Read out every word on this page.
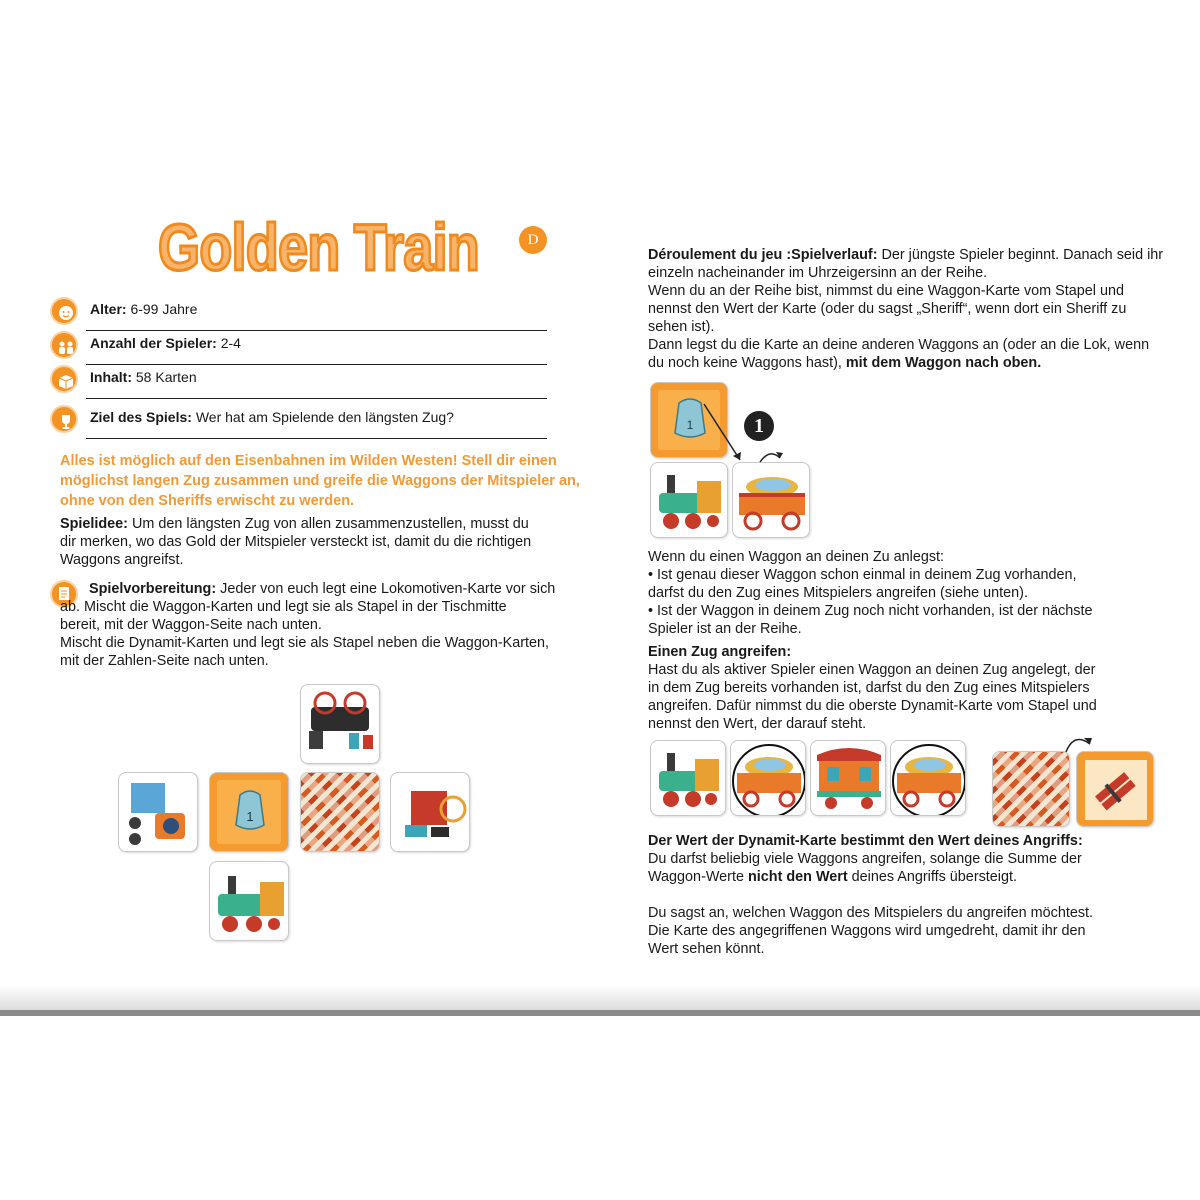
Golden Train	D
Alter: 6-99 Jahre
Anzahl der Spieler: 2-4
Inhalt: 58 Karten
Ziel des Spiels: Wer hat am Spielende den längsten Zug?
Alles ist möglich auf den Eisenbahnen im Wilden Westen! Stell dir einen
möglichst langen Zug zusammen und greife die Waggons der Mitspieler an,
ohne von den Sheriffs erwischt zu werden.
Spielidee: Um den längsten Zug von allen zusammenzustellen, musst du
dir merken, wo das Gold der Mitspieler versteckt ist, damit du die richtigen
Waggons angreifst.
Spielvorbereitung: Jeder von euch legt eine Lokomotiven-Karte vor sich
ab. Mischt die Waggon-Karten und legt sie als Stapel in der Tischmitte
bereit, mit der Waggon-Seite nach unten.
Mischt die Dynamit-Karten und legt sie als Stapel neben die Waggon-Karten,
mit der Zahlen-Seite nach unten.
1
Déroulement du jeu :Spielverlauf: Der jüngste Spieler beginnt. Danach seid ihr
einzeln nacheinander im Uhrzeigersinn an der Reihe.
Wenn du an der Reihe bist, nimmst du eine Waggon-Karte vom Stapel und
nennst den Wert der Karte (oder du sagst „Sheriff“, wenn dort ein Sheriff zu
sehen ist).
Dann legst du die Karte an deine anderen Waggons an (oder an die Lok, wenn
du noch keine Waggons hast), mit dem Waggon nach oben.
1	1
Wenn du einen Waggon an deinen Zu anlegst:
• Ist genau dieser Waggon schon einmal in deinem Zug vorhanden,
darfst du den Zug eines Mitspielers angreifen (siehe unten).
• Ist der Waggon in deinem Zug noch nicht vorhanden, ist der nächste
Spieler ist an der Reihe.
Einen Zug angreifen:
Hast du als aktiver Spieler einen Waggon an deinen Zug angelegt, der
in dem Zug bereits vorhanden ist, darfst du den Zug eines Mitspielers
angreifen. Dafür nimmst du die oberste Dynamit-Karte vom Stapel und
nennst den Wert, der darauf steht.
Der Wert der Dynamit-Karte bestimmt den Wert deines Angriffs:
Du darfst beliebig viele Waggons angreifen, solange die Summe der
Waggon-Werte nicht den Wert deines Angriffs übersteigt.
Du sagst an, welchen Waggon des Mitspielers du angreifen möchtest.
Die Karte des angegriffenen Waggons wird umgedreht, damit ihr den
Wert sehen könnt.
